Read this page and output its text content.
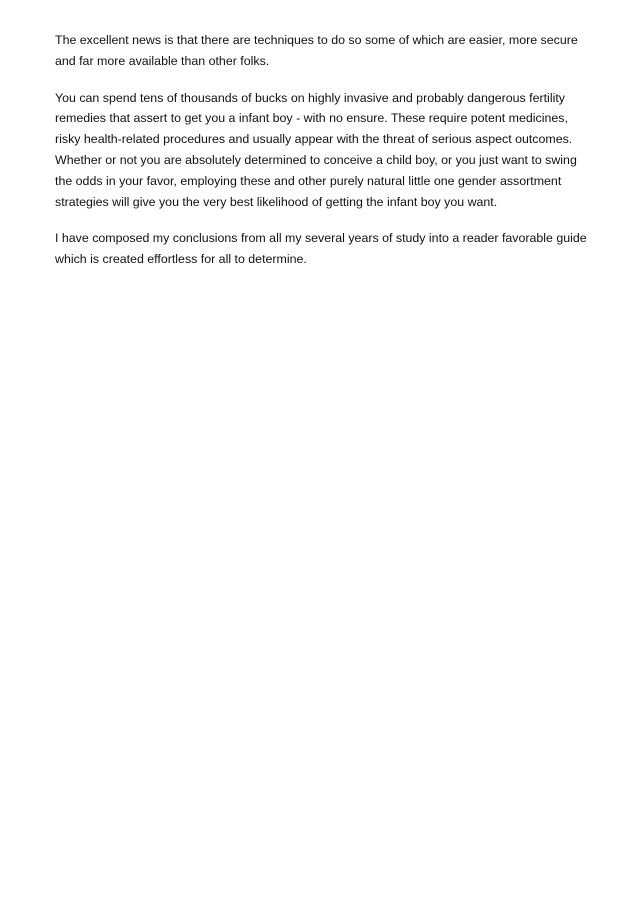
The excellent news is that there are techniques to do so some of which are easier, more secure and far more available than other folks.

You can spend tens of thousands of bucks on highly invasive and probably dangerous fertility remedies that assert to get you a infant boy - with no ensure. These require potent medicines, risky health-related procedures and usually appear with the threat of serious aspect outcomes. Whether or not you are absolutely determined to conceive a child boy, or you just want to swing the odds in your favor, employing these and other purely natural little one gender assortment strategies will give you the very best likelihood of getting the infant boy you want.

I have composed my conclusions from all my several years of study into a reader favorable guide which is created effortless for all to determine.
